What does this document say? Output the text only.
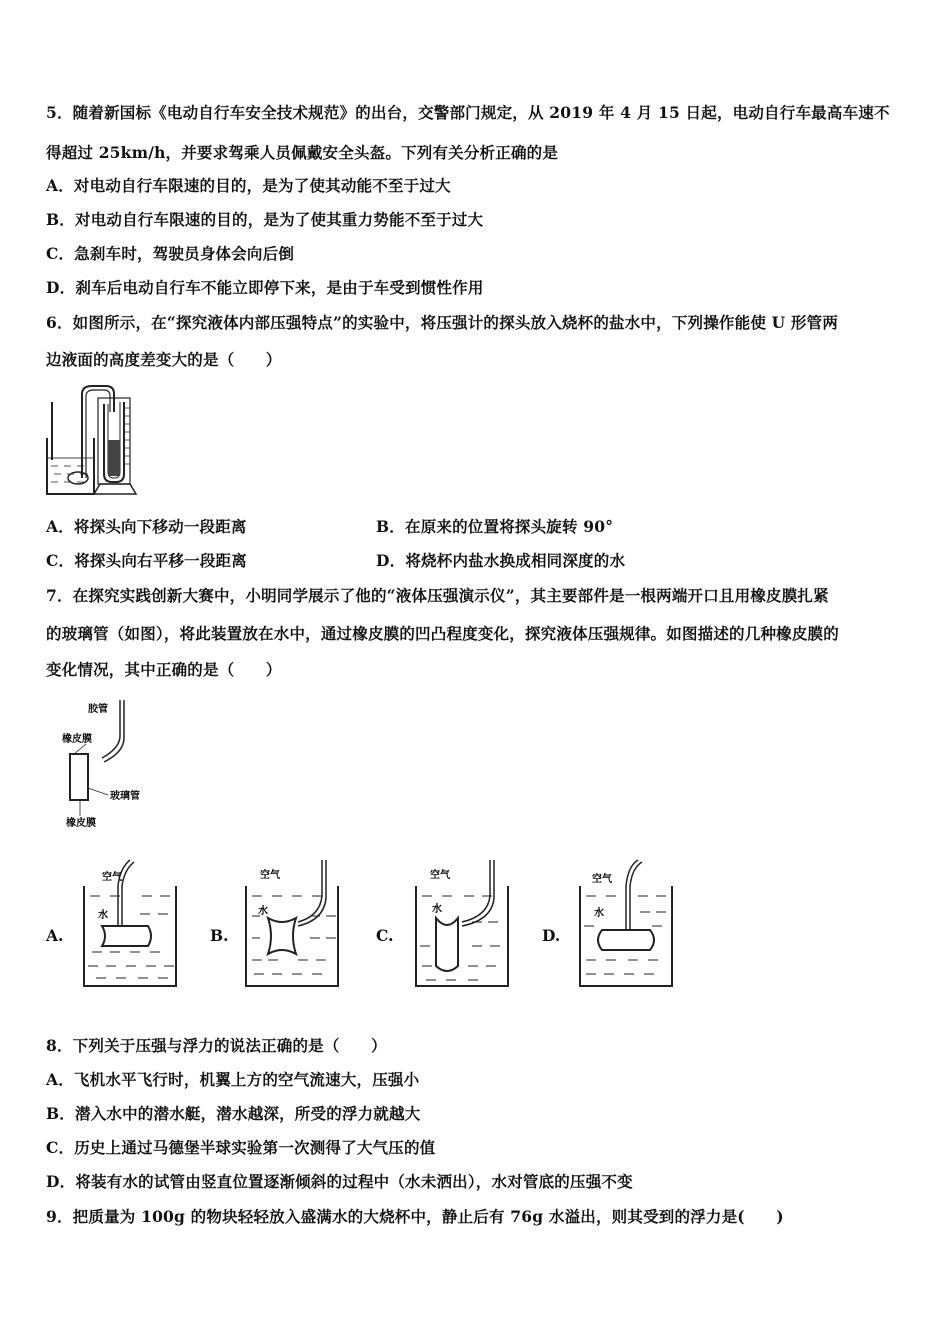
5．随着新国标《电动自行车安全技术规范》的出台，交警部门规定，从 2019 年 4 月 15 日起，电动自行车最高车速不
得超过 25km/h，并要求驾乘人员佩戴安全头盔。下列有关分析正确的是
A．对电动自行车限速的目的，是为了使其动能不至于过大
B．对电动自行车限速的目的，是为了使其重力势能不至于过大
C．急刹车时，驾驶员身体会向后倒
D．刹车后电动自行车不能立即停下来，是由于车受到惯性作用
6．如图所示，在“探究液体内部压强特点”的实验中，将压强计的探头放入烧杯的盐水中，下列操作能使 U 形管两
边液面的高度差变大的是（　　）
A．将探头向下移动一段距离	B．在原来的位置将探头旋转 90°
C．将探头向右平移一段距离	D．将烧杯内盐水换成相同深度的水
7．在探究实践创新大赛中，小明同学展示了他的“液体压强演示仪”，其主要部件是一根两端开口且用橡皮膜扎紧
的玻璃管（如图），将此装置放在水中，通过橡皮膜的凹凸程度变化，探究液体压强规律。如图描述的几种橡皮膜的
变化情况，其中正确的是（　　）
胶管
橡皮膜
玻璃管
橡皮膜
A.
空气
水
B.
空气
水
C.
空气
水
D.
空气
水
8．下列关于压强与浮力的说法正确的是（　　）
A．飞机水平飞行时，机翼上方的空气流速大，压强小
B．潜入水中的潜水艇，潜水越深，所受的浮力就越大
C．历史上通过马德堡半球实验第一次测得了大气压的值
D．将装有水的试管由竖直位置逐渐倾斜的过程中（水未洒出），水对管底的压强不变
9．把质量为 100g 的物块轻轻放入盛满水的大烧杯中，静止后有 76g 水溢出，则其受到的浮力是(　　)
